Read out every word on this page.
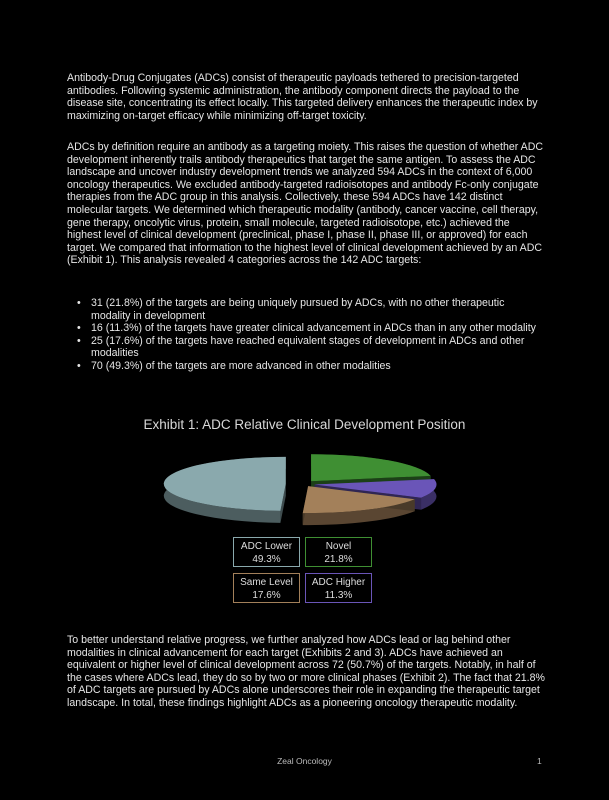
Antibody-Drug Conjugates (ADCs) consist of therapeutic payloads tethered to precision-targeted antibodies. Following systemic administration, the antibody component directs the payload to the disease site, concentrating its effect locally. This targeted delivery enhances the therapeutic index by maximizing on-target efficacy while minimizing off-target toxicity.

ADCs by definition require an antibody as a targeting moiety. This raises the question of whether ADC development inherently trails antibody therapeutics that target the same antigen. To assess the ADC landscape and uncover industry development trends we analyzed 594 ADCs in the context of 6,000 oncology therapeutics. We excluded antibody-targeted radioisotopes and antibody Fc-only conjugate therapies from the ADC group in this analysis. Collectively, these 594 ADCs have 142 distinct molecular targets. We determined which therapeutic modality (antibody, cancer vaccine, cell therapy, gene therapy, oncolytic virus, protein, small molecule, targeted radioisotope, etc.) achieved the highest level of clinical development (preclinical, phase I, phase II, phase III, or approved) for each target. We compared that information to the highest level of clinical development achieved by an ADC (Exhibit 1). This analysis revealed 4 categories across the 142 ADC targets:

• 31 (21.8%) of the targets are being uniquely pursued by ADCs, with no other therapeutic modality in development
• 16 (11.3%) of the targets have greater clinical advancement in ADCs than in any other modality
• 25 (17.6%) of the targets have reached equivalent stages of development in ADCs and other modalities
• 70 (49.3%) of the targets are more advanced in other modalities
Exhibit 1: ADC Relative Clinical Development Position
ADC Lower
49.3%
Novel
21.8%
Same Level
17.6%
ADC Higher
11.3%

To better understand relative progress, we further analyzed how ADCs lead or lag behind other modalities in clinical advancement for each target (Exhibits 2 and 3). ADCs have achieved an equivalent or higher level of clinical development across 72 (50.7%) of the targets. Notably, in half of the cases where ADCs lead, they do so by two or more clinical phases (Exhibit 2). The fact that 21.8% of ADC targets are pursued by ADCs alone underscores their role in expanding the therapeutic target landscape. In total, these findings highlight ADCs as a pioneering oncology therapeutic modality.

Zeal Oncology	1
